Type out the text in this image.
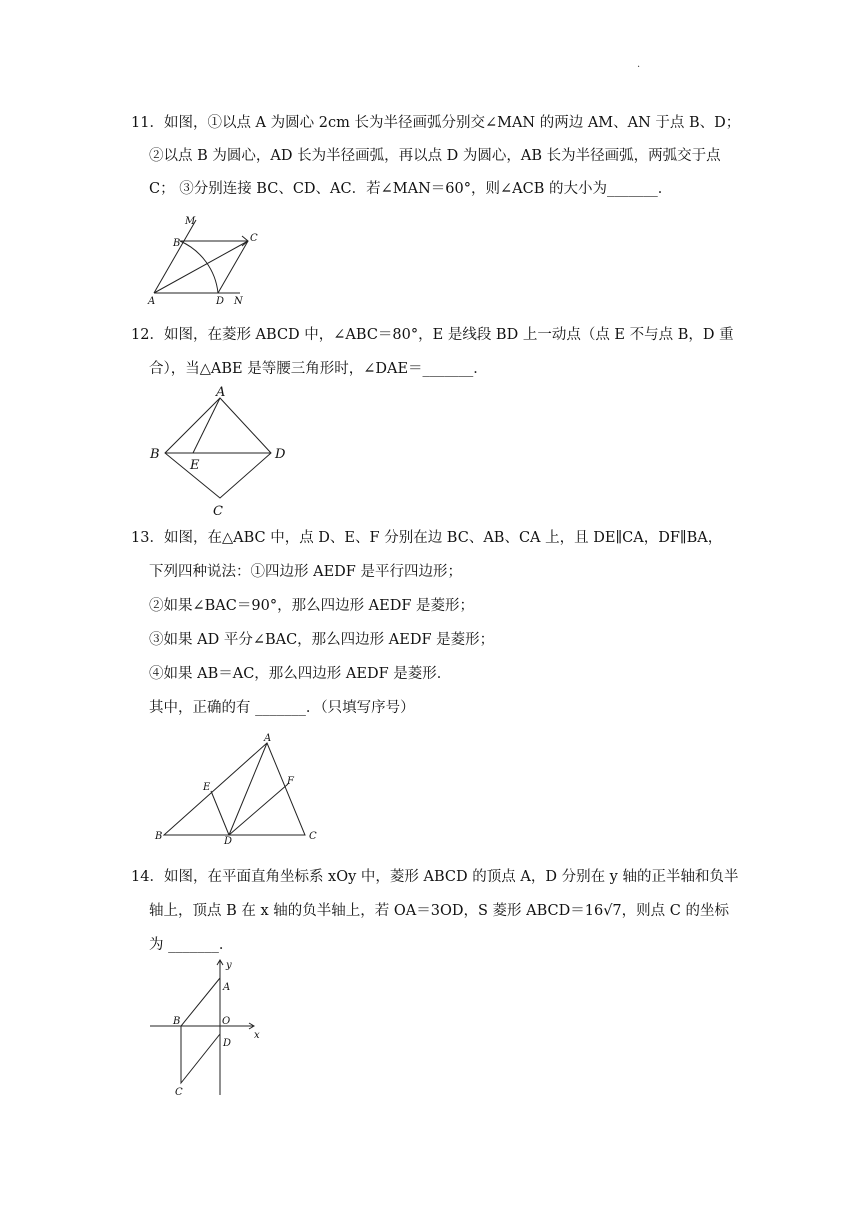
·
11．如图，①以点 A 为圆心 2cm 长为半径画弧分别交∠MAN 的两边 AM、AN 于点 B、D；
②以点 B 为圆心，AD 长为半径画弧，再以点 D 为圆心，AB 长为半径画弧，两弧交于点
C； ③分别连接 BC、CD、AC．若∠MAN＝60°，则∠ACB 的大小为_______．
M
B	C
A	D N
12．如图，在菱形 ABCD 中，∠ABC＝80°，E 是线段 BD 上一动点（点 E 不与点 B，D 重
合），当△ABE 是等腰三角形时，∠DAE＝_______．
A
B
E
D
C
13．如图，在△ABC 中，点 D、E、F 分别在边 BC、AB、CA 上，且 DE∥CA，DF∥BA，
下列四种说法：①四边形 AEDF 是平行四边形；
②如果∠BAC＝90°，那么四边形 AEDF 是菱形；
③如果 AD 平分∠BAC，那么四边形 AEDF 是菱形；
④如果 AB＝AC，那么四边形 AEDF 是菱形．
其中，正确的有 _______．（只填写序号）
A
E
F
B	D	C
14．如图，在平面直角坐标系 xOy 中，菱形 ABCD 的顶点 A，D 分别在 y 轴的正半轴和负半
轴上，顶点 B 在 x 轴的负半轴上，若 OA＝3OD，S 菱形 ABCD＝16√7，则点 C 的坐标
为 _______．
y
A
B	O
x
D
C
